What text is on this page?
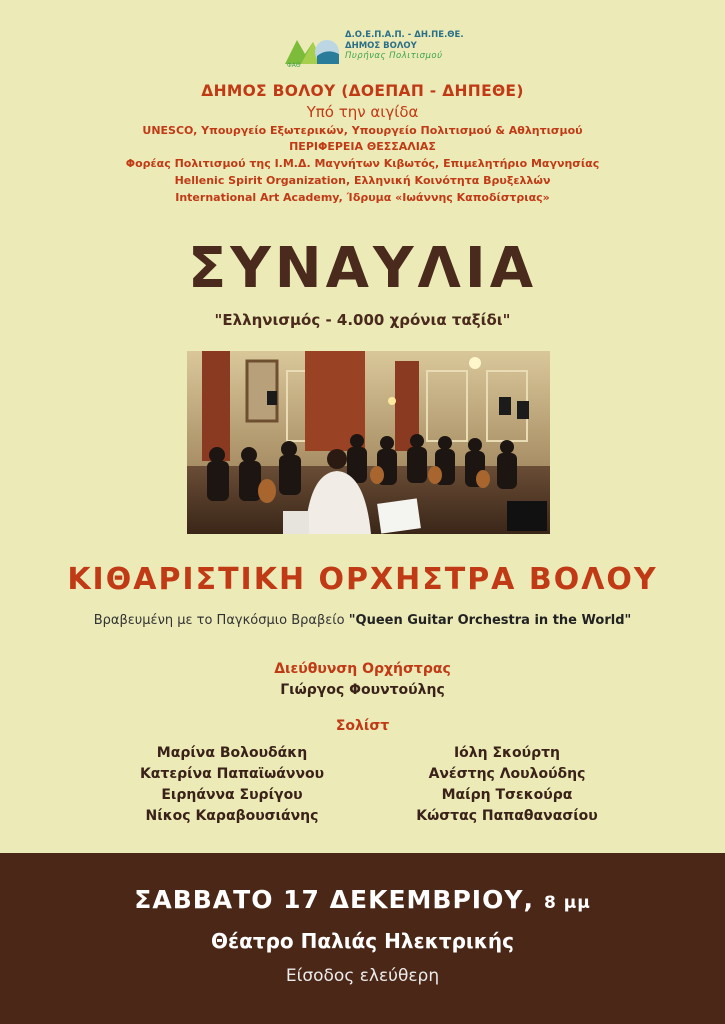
ΦΑΘ
Δ.Ο.Ε.Π.Α.Π. - ΔΗ.ΠΕ.ΘΕ.
ΔΗΜΟΣ ΒΟΛΟΥ
Πυρήνας Πολιτισμού
ΔΗΜΟΣ ΒΟΛΟΥ (ΔΟΕΠΑΠ - ΔΗΠΕΘΕ)
Υπό την αιγίδα
UNESCO, Υπουργείο Εξωτερικών, Υπουργείο Πολιτισμού & Αθλητισμού
ΠΕΡΙΦΕΡΕΙΑ ΘΕΣΣΑΛΙΑΣ
Φορέας Πολιτισμού της Ι.Μ.Δ. Μαγνήτων Κιβωτός, Επιμελητήριο Μαγνησίας
Hellenic Spirit Organization, Ελληνική Κοινότητα Βρυξελλών
International Art Academy, Ίδρυμα «Ιωάννης Καποδίστριας»
ΣΥΝΑΥΛΙΑ
"Ελληνισμός - 4.000 χρόνια ταξίδι"
ΚΙΘΑΡΙΣΤΙΚΗ ΟΡΧΗΣΤΡΑ ΒΟΛΟΥ
Βραβευμένη με το Παγκόσμιο Βραβείο "Queen Guitar Orchestra in the World"
Διεύθυνση Ορχήστρας
Γιώργος Φουντούλης
Σολίστ
Μαρίνα Βολουδάκη
Κατερίνα Παπαϊωάννου
Ειρηάννα Συρίγου
Νίκος Καραβουσιάνης
Ιόλη Σκούρτη
Ανέστης Λουλούδης
Μαίρη Τσεκούρα
Κώστας Παπαθανασίου
ΣΑΒΒΑΤΟ 17 ΔΕΚΕΜΒΡΙΟΥ, 8 μμ
Θέατρο Παλιάς Ηλεκτρικής
Είσοδος ελεύθερη
